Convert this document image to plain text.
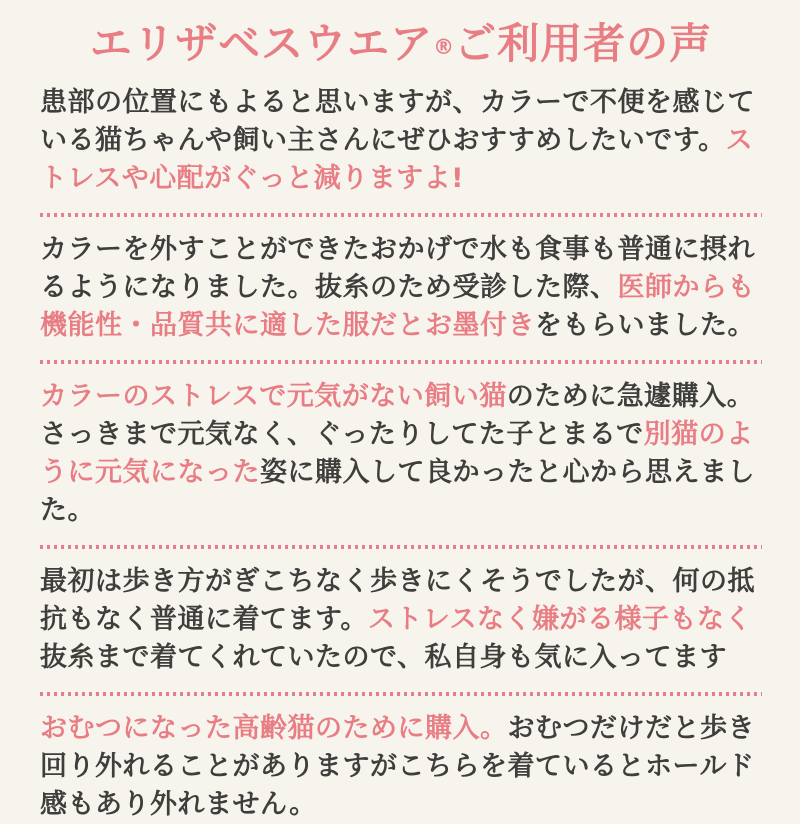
エリザベスウエア®ご利用者の声

患部の位置にもよると思いますが、カラーで不便を感じている猫ちゃんや飼い主さんにぜひおすすめしたいです。ストレスや心配がぐっと減りますよ!

カラーを外すことができたおかげで水も食事も普通に摂れるようになりました。抜糸のため受診した際、医師からも機能性・品質共に適した服だとお墨付きをもらいました。

カラーのストレスで元気がない飼い猫のために急遽購入。さっきまで元気なく、ぐったりしてた子とまるで別猫のように元気になった姿に購入して良かったと心から思えました。

最初は歩き方がぎこちなく歩きにくそうでしたが、何の抵抗もなく普通に着てます。ストレスなく嫌がる様子もなく抜糸まで着てくれていたので、私自身も気に入ってます

おむつになった高齢猫のために購入。おむつだけだと歩き回り外れることがありますがこちらを着ているとホールド感もあり外れません。
